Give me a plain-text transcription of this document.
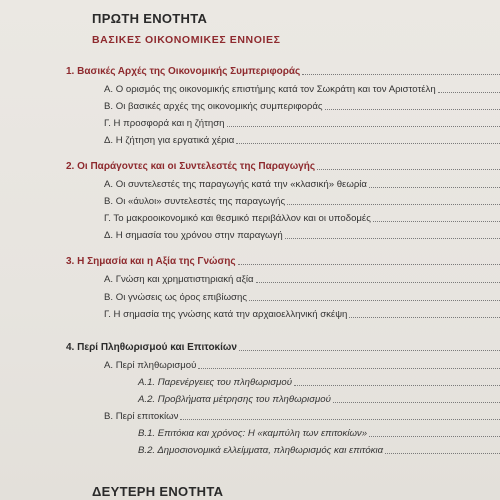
ΠΡΩΤΗ ΕΝΟΤΗΤΑ
ΒΑΣΙΚΕΣ ΟΙΚΟΝΟΜΙΚΕΣ ΕΝΝΟΙΕΣ
1. Βασικές Αρχές της Οικονομικής Συμπεριφοράς
Α. Ο ορισμός της οικονομικής επιστήμης κατά τον Σωκράτη και τον Αριστοτέλη
Β. Οι βασικές αρχές της οικονομικής συμπεριφοράς
Γ. Η προσφορά και η ζήτηση
Δ. Η ζήτηση για εργατικά χέρια
2. Οι Παράγοντες και οι Συντελεστές της Παραγωγής
Α. Οι συντελεστές της παραγωγής κατά την «κλασική» θεωρία
Β. Οι «άυλοι» συντελεστές της παραγωγής
Γ. Το μακροοικονομικό και θεσμικό περιβάλλον και οι υποδομές
Δ. Η σημασία του χρόνου στην παραγωγή
3. Η Σημασία και η Αξία της Γνώσης
Α. Γνώση και χρηματιστηριακή αξία
Β. Οι γνώσεις ως όρος επιβίωσης
Γ. Η σημασία της γνώσης κατά την αρχαιοελληνική σκέψη
4. Περί Πληθωρισμού και Επιτοκίων
Α. Περί πληθωρισμού
Α.1. Παρενέργειες του πληθωρισμού
Α.2. Προβλήματα μέτρησης του πληθωρισμού
Β. Περί επιτοκίων
Β.1. Επιτόκια και χρόνος: Η «καμπύλη των επιτοκίων»
Β.2. Δημοσιονομικά ελλείμματα, πληθωρισμός και επιτόκια
ΔΕΥΤΕΡΗ ΕΝΟΤΗΤΑ
